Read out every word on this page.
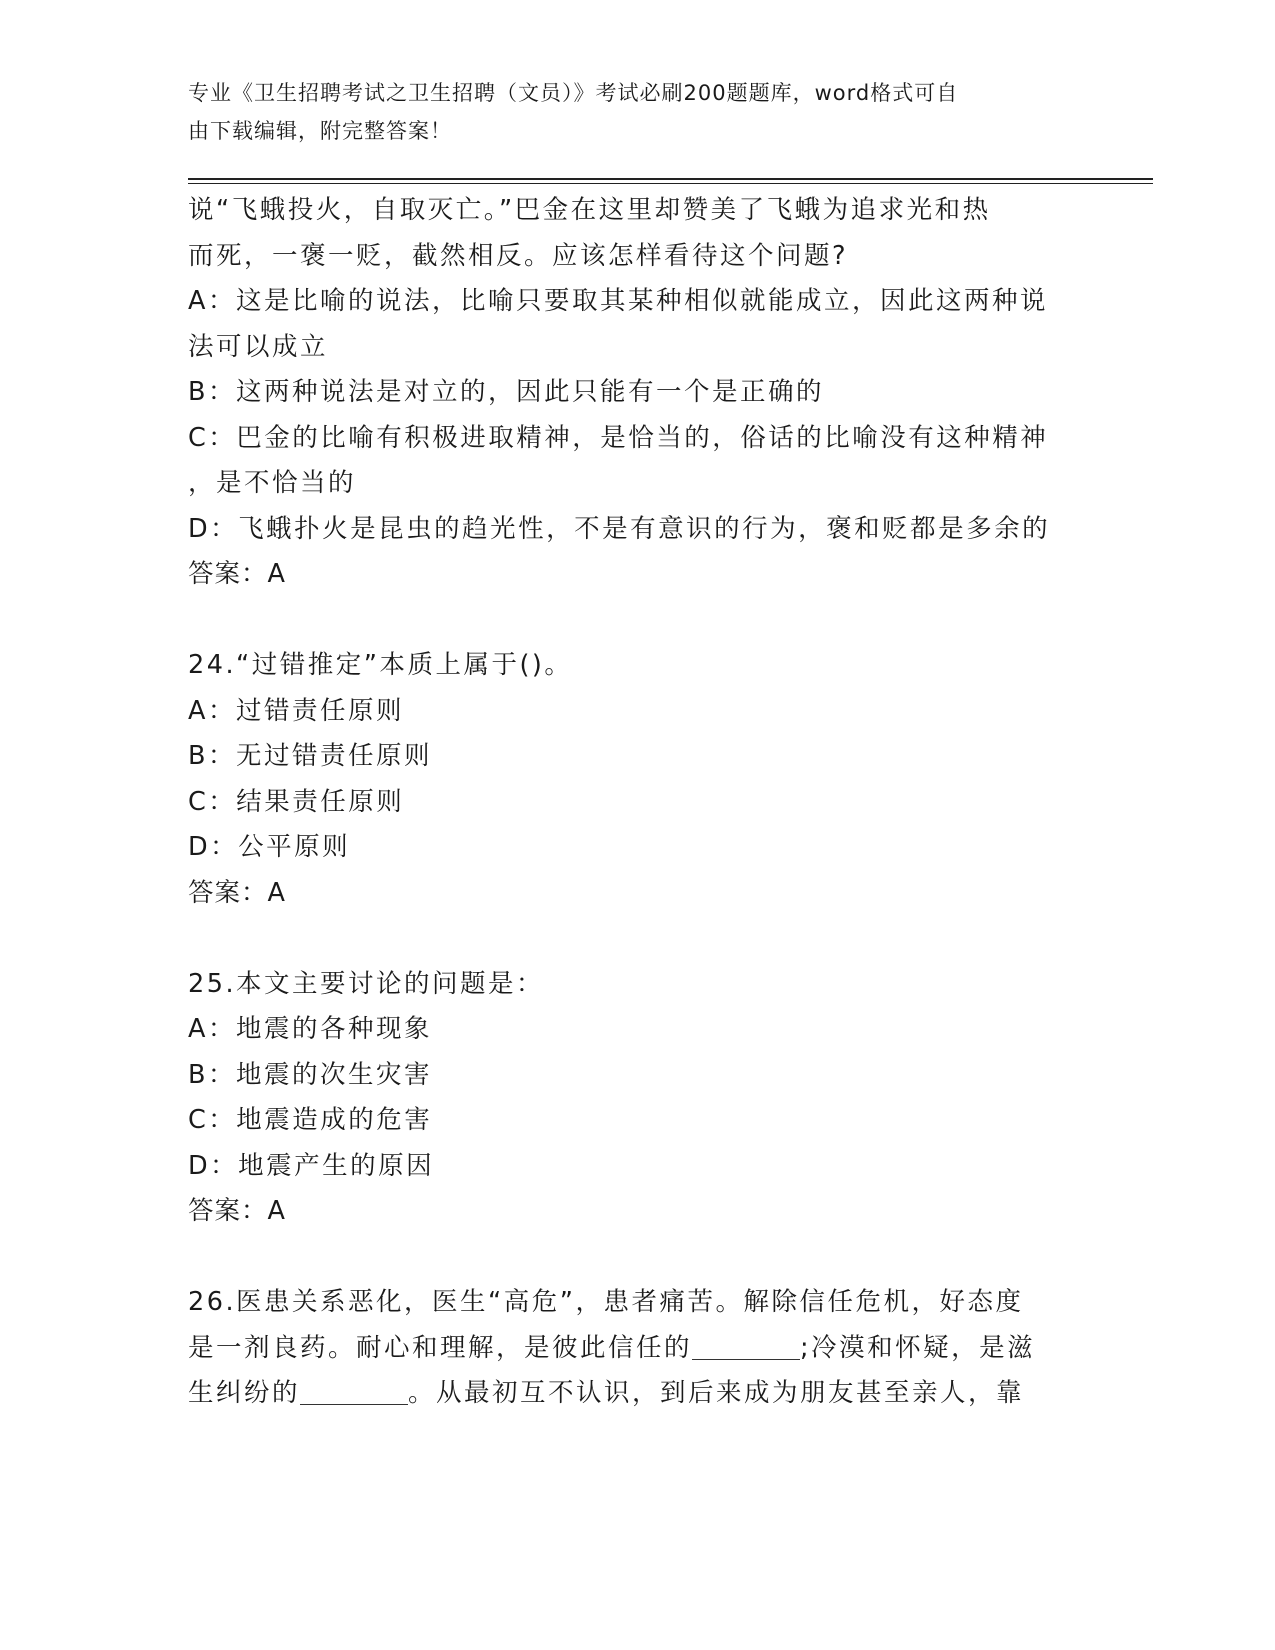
专业《卫生招聘考试之卫生招聘（文员）》考试必刷200题题库，word格式可自
由下载编辑，附完整答案！
说“飞蛾投火，自取灭亡。”巴金在这里却赞美了飞蛾为追求光和热
而死，一褒一贬，截然相反。应该怎样看待这个问题?
A：这是比喻的说法，比喻只要取其某种相似就能成立，因此这两种说
法可以成立
B：这两种说法是对立的，因此只能有一个是正确的
C：巴金的比喻有积极进取精神，是恰当的，俗话的比喻没有这种精神
，是不恰当的
D：飞蛾扑火是昆虫的趋光性，不是有意识的行为，褒和贬都是多余的
答案：A
24.“过错推定”本质上属于()。
A：过错责任原则
B：无过错责任原则
C：结果责任原则
D：公平原则
答案：A
25.本文主要讨论的问题是：
A：地震的各种现象
B：地震的次生灾害
C：地震造成的危害
D：地震产生的原因
答案：A
26.医患关系恶化，医生“高危”，患者痛苦。解除信任危机，好态度
是一剂良药。耐心和理解，是彼此信任的	;冷漠和怀疑，是滋
生纠纷的	。从最初互不认识，到后来成为朋友甚至亲人，靠
